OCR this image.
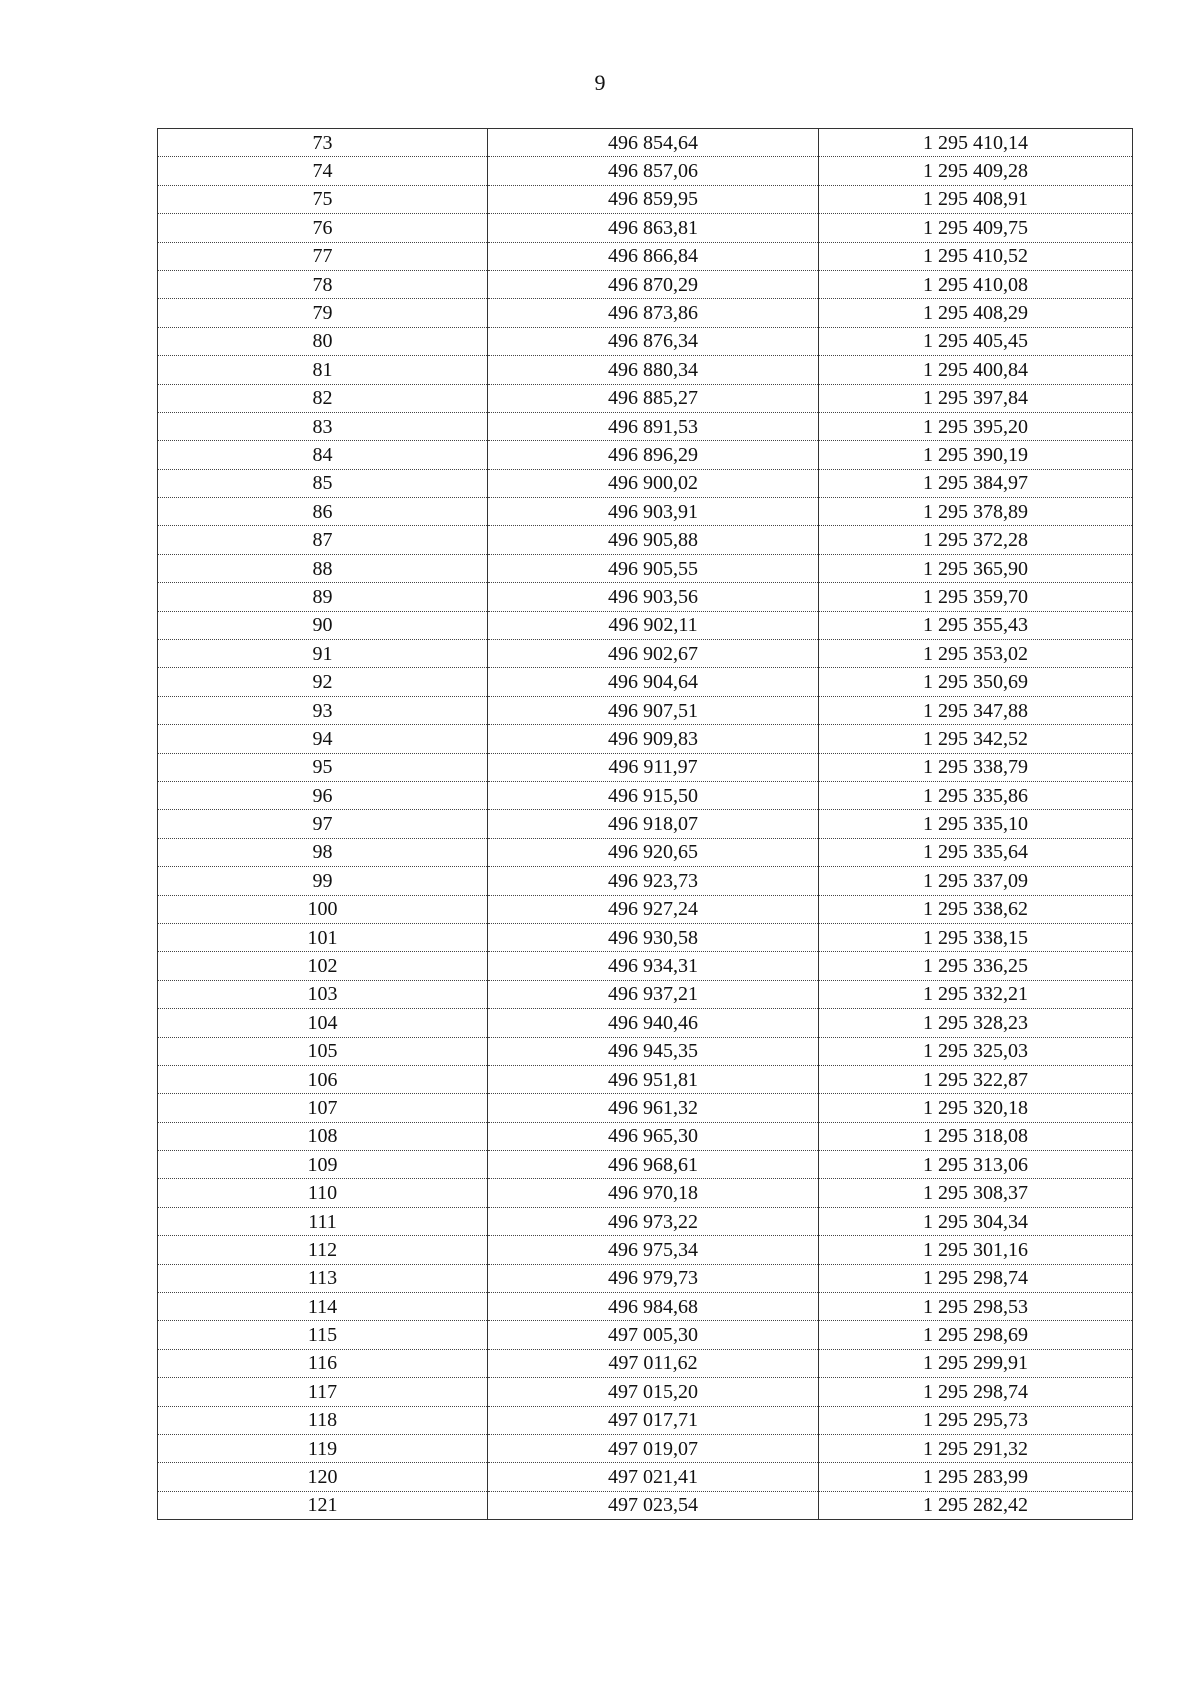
9
73	496 854,64	1 295 410,14
74	496 857,06	1 295 409,28
75	496 859,95	1 295 408,91
76	496 863,81	1 295 409,75
77	496 866,84	1 295 410,52
78	496 870,29	1 295 410,08
79	496 873,86	1 295 408,29
80	496 876,34	1 295 405,45
81	496 880,34	1 295 400,84
82	496 885,27	1 295 397,84
83	496 891,53	1 295 395,20
84	496 896,29	1 295 390,19
85	496 900,02	1 295 384,97
86	496 903,91	1 295 378,89
87	496 905,88	1 295 372,28
88	496 905,55	1 295 365,90
89	496 903,56	1 295 359,70
90	496 902,11	1 295 355,43
91	496 902,67	1 295 353,02
92	496 904,64	1 295 350,69
93	496 907,51	1 295 347,88
94	496 909,83	1 295 342,52
95	496 911,97	1 295 338,79
96	496 915,50	1 295 335,86
97	496 918,07	1 295 335,10
98	496 920,65	1 295 335,64
99	496 923,73	1 295 337,09
100	496 927,24	1 295 338,62
101	496 930,58	1 295 338,15
102	496 934,31	1 295 336,25
103	496 937,21	1 295 332,21
104	496 940,46	1 295 328,23
105	496 945,35	1 295 325,03
106	496 951,81	1 295 322,87
107	496 961,32	1 295 320,18
108	496 965,30	1 295 318,08
109	496 968,61	1 295 313,06
110	496 970,18	1 295 308,37
111	496 973,22	1 295 304,34
112	496 975,34	1 295 301,16
113	496 979,73	1 295 298,74
114	496 984,68	1 295 298,53
115	497 005,30	1 295 298,69
116	497 011,62	1 295 299,91
117	497 015,20	1 295 298,74
118	497 017,71	1 295 295,73
119	497 019,07	1 295 291,32
120	497 021,41	1 295 283,99
121	497 023,54	1 295 282,42
